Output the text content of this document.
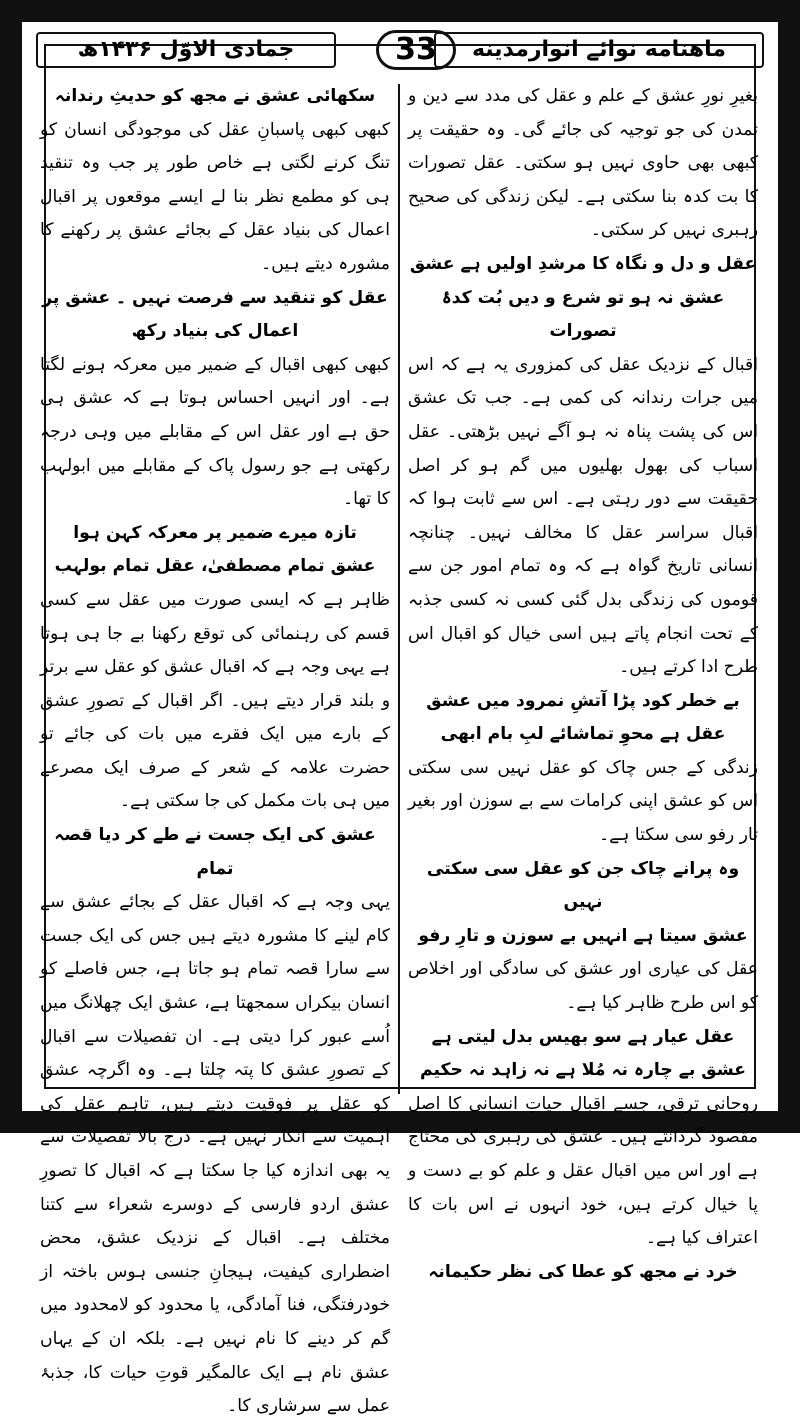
جمادی الاوّل ۱۴۳۶ھ	33	ماهنامه نوائے انوارمدینه

بغیرِ نورِ عشق کے علم و عقل کی مدد سے دین و تمدن کی جو توجیہ کی جائے گی۔ وہ حقیقت پر کبھی بھی حاوی نہیں ہو سکتی۔ عقل تصورات کا بت کدہ بنا سکتی ہے۔ لیکن زندگی کی صحیح رہبری نہیں کر سکتی۔

عقل و دل و نگاہ کا مرشدِ اولیں ہے عشق

عشق نہ ہو تو شرع و دیں بُت کدۂ تصورات

اقبال کے نزدیک عقل کی کمزوری یہ ہے کہ اس میں جرات رندانہ کی کمی ہے۔ جب تک عشق اس کی پشت پناہ نہ ہو آگے نہیں بڑھتی۔ عقل اسباب کی بھول بھلیوں میں گم ہو کر اصل حقیقت سے دور رہتی ہے۔ اس سے ثابت ہوا کہ اقبال سراسر عقل کا مخالف نہیں۔ چنانچہ انسانی تاریخ گواہ ہے کہ وہ تمام امور جن سے قوموں کی زندگی بدل گئی کسی نہ کسی جذبہ کے تحت انجام پاتے ہیں اسی خیال کو اقبال اس طرح ادا کرتے ہیں۔

بے خطر کود پڑا آتشِ نمرود میں عشق

عقل ہے محوِ تماشائے لبِ بام ابھی

زندگی کے جس چاک کو عقل نہیں سی سکتی اس کو عشق اپنی کرامات سے بے سوزن اور بغیر تار رفو سی سکتا ہے۔

وہ پرانے چاک جن کو عقل سی سکتی نہیں

عشق سیتا ہے انہیں بے سوزن و تارِ رفو

عقل کی عیاری اور عشق کی سادگی اور اخلاص کو اس طرح ظاہر کیا ہے۔

عقل عیار ہے سو بھیس بدل لیتی ہے

عشق بے چارہ نہ مُلا ہے نہ زاہد نہ حکیم

روحانی ترقی، جسے اقبال حیاتِ انسانی کا اصل مقصود گردانتے ہیں۔ عشق کی رہبری کی محتاج ہے اور اس میں اقبال عقل و علم کو بے دست و پا خیال کرتے ہیں، خود انہوں نے اس بات کا اعتراف کیا ہے۔

خرد نے مجھ کو عطا کی نظر حکیمانہ

سکھائی عشق نے مجھ کو حدیثِ رندانہ

کبھی کبھی پاسبانِ عقل کی موجودگی انسان کو تنگ کرنے لگتی ہے خاص طور پر جب وہ تنقید ہی کو مطمع نظر بنا لے ایسے موقعوں پر اقبال اعمال کی بنیاد عقل کے بجائے عشق پر رکھنے کا مشورہ دیتے ہیں۔

عقل کو تنقید سے فرصت نہیں ۔ عشق پر اعمال کی بنیاد رکھ

کبھی کبھی اقبال کے ضمیر میں معرکہ ہونے لگتا ہے۔ اور انہیں احساس ہوتا ہے کہ عشق ہی حق ہے اور عقل اس کے مقابلے میں وہی درجہ رکھتی ہے جو رسول پاک کے مقابلے میں ابولہب کا تھا۔

تازہ میرے ضمیر پر معرکہ کہن ہوا

عشق تمام مصطفیٰ، عقل تمام بولہب

ظاہر ہے کہ ایسی صورت میں عقل سے کسی قسم کی رہنمائی کی توقع رکھنا بے جا ہی ہوتا ہے یہی وجہ ہے کہ اقبال عشق کو عقل سے برتر و بلند قرار دیتے ہیں۔ اگر اقبال کے تصورِ عشق کے بارے میں ایک فقرے میں بات کی جائے تو حضرت علامہ کے شعر کے صرف ایک مصرعے میں ہی بات مکمل کی جا سکتی ہے۔

عشق کی ایک جست نے طے کر دیا قصہ تمام

یہی وجہ ہے کہ اقبال عقل کے بجائے عشق سے کام لینے کا مشورہ دیتے ہیں جس کی ایک جست سے سارا قصہ تمام ہو جاتا ہے، جس فاصلے کو انسان بیکراں سمجھتا ہے، عشق ایک چھلانگ میں اُسے عبور کرا دیتی ہے۔ ان تفصیلات سے اقبال کے تصورِ عشق کا پتہ چلتا ہے۔ وہ اگرچہ عشق کو عقل پر فوقیت دیتے ہیں، تاہم عقل کی اہمیت سے انکار نہیں ہے۔ درج بالا تفصیلات سے یہ بھی اندازہ کیا جا سکتا ہے کہ اقبال کا تصورِ عشق اردو فارسی کے دوسرے شعراء سے کتنا مختلف ہے۔ اقبال کے نزدیک عشق، محض اضطراری کیفیت، ہیجانِ جنسی ہوس باختہ از خودرفتگی، فنا آمادگی، یا محدود کو لامحدود میں گم کر دینے کا نام نہیں ہے۔ بلکہ ان کے یہاں عشق نام ہے ایک عالمگیر قوتِ حیات کا، جذبۂ عمل سے سرشاری کا۔
